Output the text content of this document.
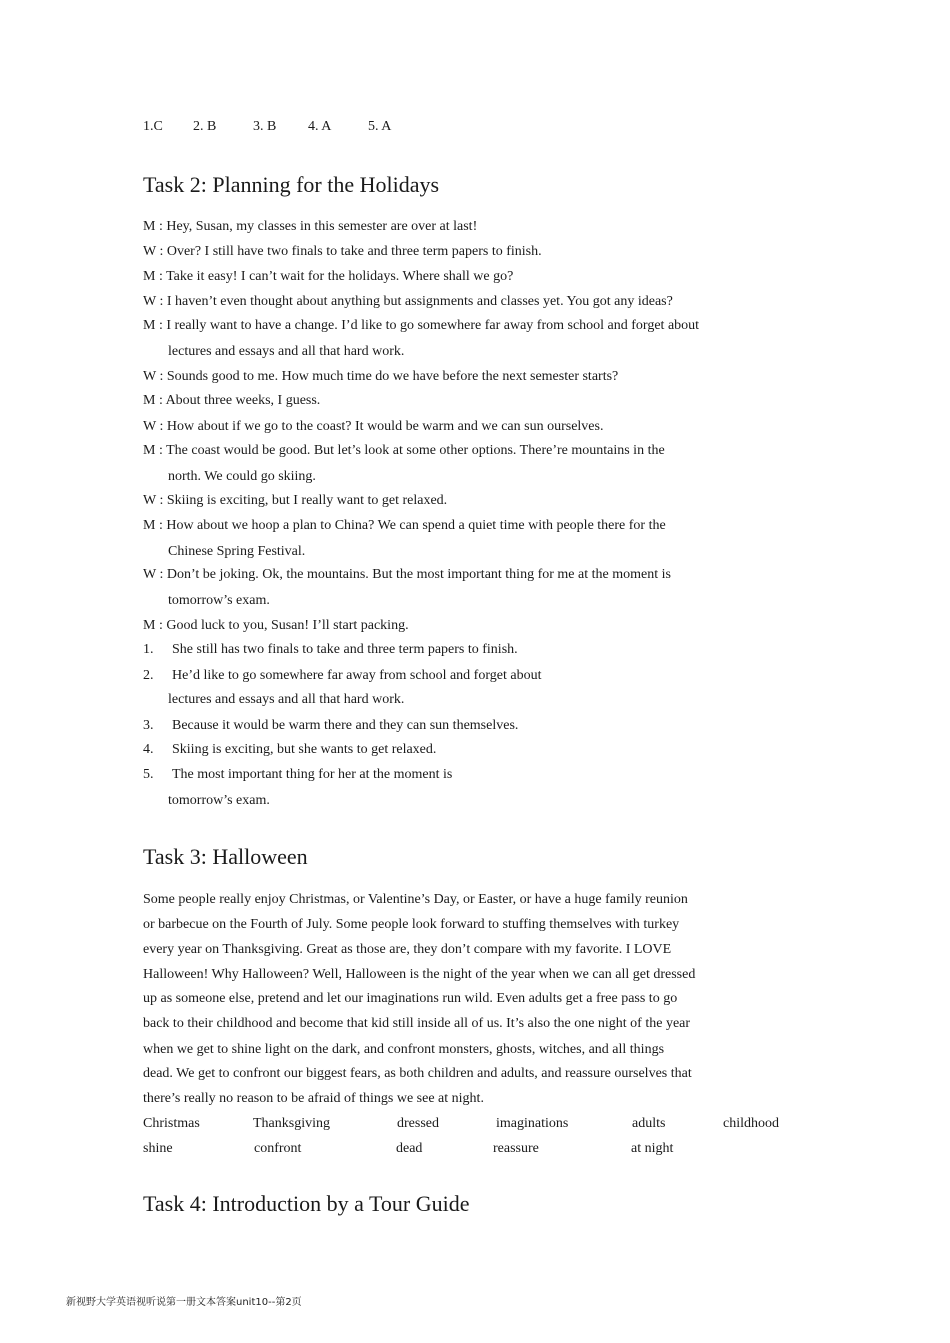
1.C 2. B	3. B 4. A	5. A
Task 2: Planning for the Holidays
M : Hey, Susan, my classes in this semester are over at last!
W : Over? I still have two finals to take and three term papers to finish.
M : Take it easy! I can’t wait for the holidays. Where shall we go?
W : I haven’t even thought about anything but assignments and classes yet. You got any ideas?
M : I really want to have a change. I’d like to go somewhere far away from school and forget about
lectures and essays and all that hard work.
W : Sounds good to me. How much time do we have before the next semester starts?
M : About three weeks, I guess.
W : How about if we go to the coast? It would be warm and we can sun ourselves.
M : The coast would be good. But let’s look at some other options. There’re mountains in the
north. We could go skiing.
W : Skiing is exciting, but I really want to get relaxed.
M : How about we hoop a plan to China? We can spend a quiet time with people there for the
Chinese Spring Festival.
W : Don’t be joking. Ok, the mountains. But the most important thing for me at the moment is
tomorrow’s exam.
M : Good luck to you, Susan! I’ll start packing.
1. She still has two finals to take and three term papers to finish.
2. He’d like to go somewhere far away from school and forget about
lectures and essays and all that hard work.
3. Because it would be warm there and they can sun themselves.
4. Skiing is exciting, but she wants to get relaxed.
5. The most important thing for her at the moment is
tomorrow’s exam.
Task 3: Halloween
Some people really enjoy Christmas, or Valentine’s Day, or Easter, or have a huge family reunion
or barbecue on the Fourth of July. Some people look forward to stuffing themselves with turkey
every year on Thanksgiving. Great as those are, they don’t compare with my favorite. I LOVE
Halloween! Why Halloween? Well, Halloween is the night of the year when we can all get dressed
up as someone else, pretend and let our imaginations run wild. Even adults get a free pass to go
back to their childhood and become that kid still inside all of us. It’s also the one night of the year
when we get to shine light on the dark, and confront monsters, ghosts, witches, and all things
dead. We get to confront our biggest fears, as both children and adults, and reassure ourselves that
there’s really no reason to be afraid of things we see at night.
Christmas	Thanksgiving	dressed	imaginations	adults	childhood
shine	confront	dead	reassure	at night
Task 4: Introduction by a Tour Guide
新视野大学英语视听说第一册文本答案unit10--第2页
